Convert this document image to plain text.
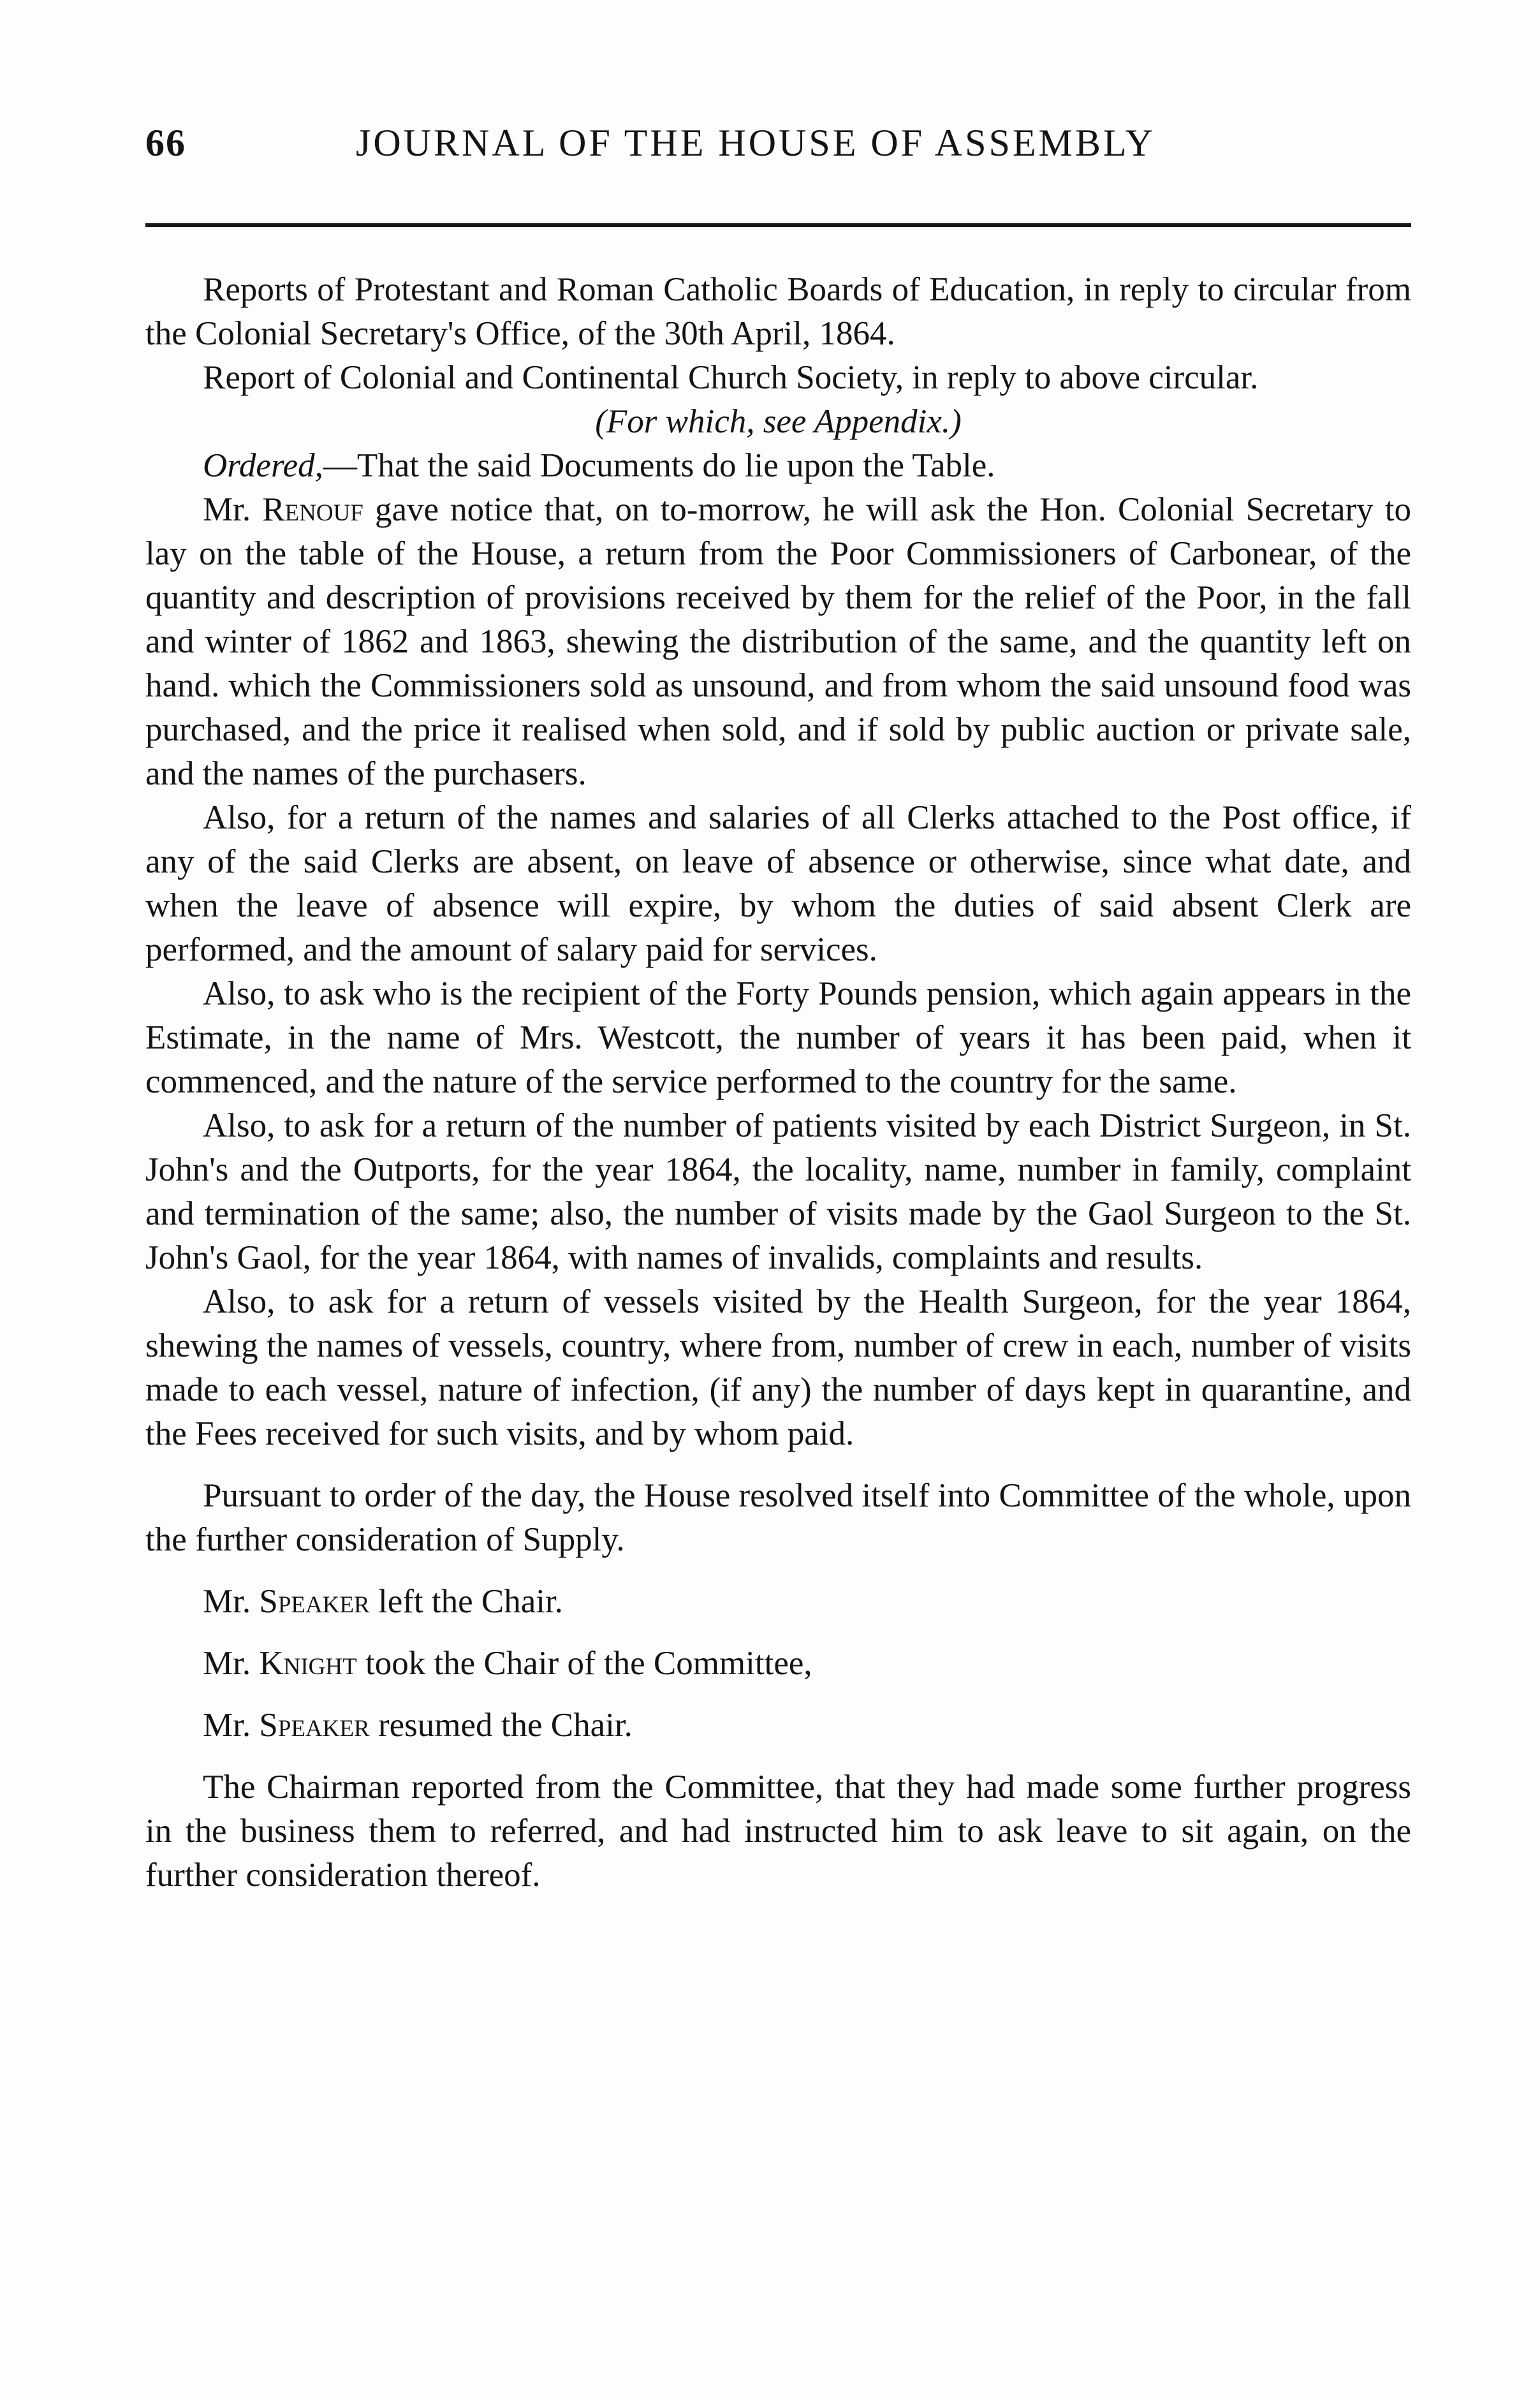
66	JOURNAL OF THE HOUSE OF ASSEMBLY

Reports of Protestant and Roman Catholic Boards of Education, in reply to circular from the Colonial Secretary's Office, of the 30th April, 1864.

Report of Colonial and Continental Church Society, in reply to above circular.

(For which, see Appendix.)

Ordered,—That the said Documents do lie upon the Table.

Mr. Renouf gave notice that, on to-morrow, he will ask the Hon. Colonial Secretary to lay on the table of the House, a return from the Poor Commissioners of Carbonear, of the quantity and description of provisions received by them for the relief of the Poor, in the fall and winter of 1862 and 1863, shewing the distribution of the same, and the quantity left on hand. which the Commissioners sold as unsound, and from whom the said unsound food was purchased, and the price it realised when sold, and if sold by public auction or private sale, and the names of the purchasers.

Also, for a return of the names and salaries of all Clerks attached to the Post office, if any of the said Clerks are absent, on leave of absence or otherwise, since what date, and when the leave of absence will expire, by whom the duties of said absent Clerk are performed, and the amount of salary paid for services.

Also, to ask who is the recipient of the Forty Pounds pension, which again appears in the Estimate, in the name of Mrs. Westcott, the number of years it has been paid, when it commenced, and the nature of the service performed to the country for the same.

Also, to ask for a return of the number of patients visited by each District Surgeon, in St. John's and the Outports, for the year 1864, the locality, name, number in family, complaint and termination of the same; also, the number of visits made by the Gaol Surgeon to the St. John's Gaol, for the year 1864, with names of invalids, complaints and results.

Also, to ask for a return of vessels visited by the Health Surgeon, for the year 1864, shewing the names of vessels, country, where from, number of crew in each, number of visits made to each vessel, nature of infection, (if any) the number of days kept in quarantine, and the Fees received for such visits, and by whom paid.

Pursuant to order of the day, the House resolved itself into Committee of the whole, upon the further consideration of Supply.

Mr. Speaker left the Chair.

Mr. Knight took the Chair of the Committee,

Mr. Speaker resumed the Chair.

The Chairman reported from the Committee, that they had made some further progress in the business them to referred, and had instructed him to ask leave to sit again, on the further consideration thereof.
